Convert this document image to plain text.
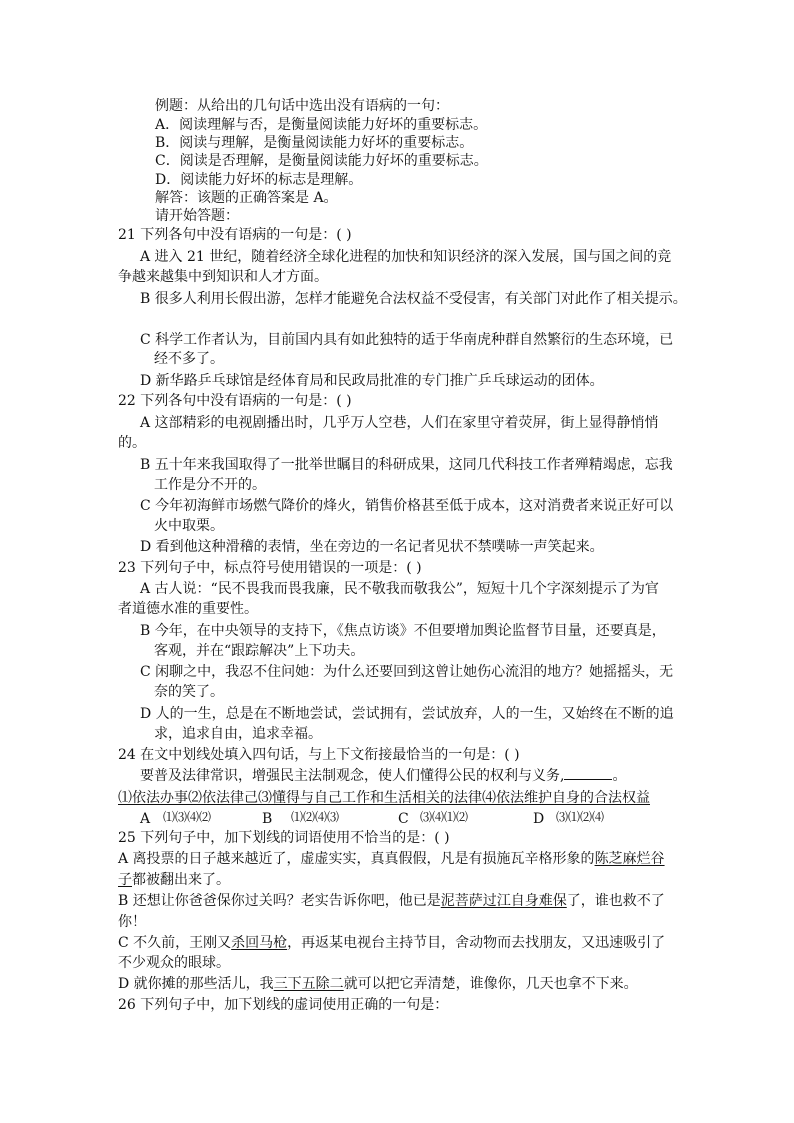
例题：从给出的几句话中选出没有语病的一句：
A．阅读理解与否，是衡量阅读能力好坏的重要标志。
B．阅读与理解，是衡量阅读能力好坏的重要标志。
C．阅读是否理解，是衡量阅读能力好坏的重要标志。
D．阅读能力好坏的标志是理解。
解答：该题的正确答案是 A。
请开始答题：
21 下列各句中没有语病的一句是：( )
A 进入 21 世纪，随着经济全球化进程的加快和知识经济的深入发展，国与国之间的竞
争越来越集中到知识和人才方面。
B 很多人利用长假出游，怎样才能避免合法权益不受侵害，有关部门对此作了相关提示。
C 科学工作者认为，目前国内具有如此独特的适于华南虎种群自然繁衍的生态环境，已
经不多了。
D 新华路乒乓球馆是经体育局和民政局批准的专门推广乒乓球运动的团体。
22 下列各句中没有语病的一句是：( )
A 这部精彩的电视剧播出时，几乎万人空巷，人们在家里守着荧屏，街上显得静悄悄
的。
B 五十年来我国取得了一批举世瞩目的科研成果，这同几代科技工作者殚精竭虑，忘我
工作是分不开的。
C 今年初海鲜市场燃气降价的烽火，销售价格甚至低于成本，这对消费者来说正好可以
火中取栗。
D 看到他这种滑稽的表情，坐在旁边的一名记者见状不禁噗哧一声笑起来。
23 下列句子中，标点符号使用错误的一项是：( )
A 古人说：“民不畏我而畏我廉，民不敬我而敬我公”，短短十几个字深刻提示了为官
者道德水准的重要性。
B 今年，在中央领导的支持下，《焦点访谈》不但要增加舆论监督节目量，还要真是，
客观，并在“跟踪解决”上下功夫。
C 闲聊之中，我忍不住问她：为什么还要回到这曾让她伤心流泪的地方？她摇摇头，无
奈的笑了。
D 人的一生，总是在不断地尝试，尝试拥有，尝试放弃，人的一生，又始终在不断的追
求，追求自由，追求幸福。
24 在文中划线处填入四句话，与上下文衔接最恰当的一句是：( )
要普及法律常识，增强民主法制观念，使人们懂得公民的权利与义务,	。
⑴依法办事⑵依法律己⑶懂得与自己工作和生活相关的法律⑷依法维护自身的合法权益
A ⑴⑶⑷⑵	B ⑴⑵⑷⑶	C ⑶⑷⑴⑵	D ⑶⑴⑵⑷
25 下列句子中，加下划线的词语使用不恰当的是：( )
A 离投票的日子越来越近了，虚虚实实，真真假假，凡是有损施瓦辛格形象的陈芝麻烂谷
子都被翻出来了。
B 还想让你爸爸保你过关吗？老实告诉你吧，他已是泥菩萨过江自身难保了，谁也救不了
你！
C 不久前，王刚又杀回马枪，再返某电视台主持节目，舍动物而去找朋友，又迅速吸引了
不少观众的眼球。
D 就你摊的那些活儿，我三下五除二就可以把它弄清楚，谁像你，几天也拿不下来。
26 下列句子中，加下划线的虚词使用正确的一句是：
